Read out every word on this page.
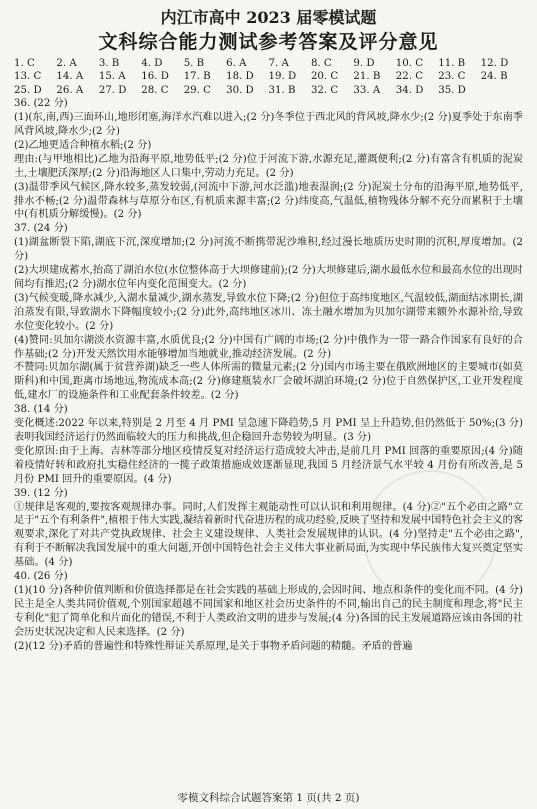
内江市高中 2023 届零模试题
文科综合能力测试参考答案及评分意见
1. C	2. A	3. B	4. D	5. B	6. A	7. A	8. C	9. D	10. C	11. B	12. D
13. C	14. A	15. A	16. D	17. B	18. D	19. D	20. C	21. B	22. C	23. C	24. B
25. D	26. A	27. D	28. C	29. C	30. D	31. B	32. C	33. A	34. D	35. D

36. (22 分)

(1)(东,南,西)三面环山,地形闭塞,海洋水汽难以进入;(2 分)冬季位于西北风的背风坡,降水少;(2 分)夏季处于东南季风背风坡,降水少;(2 分)

(2)乙地更适合种植水稻;(2 分)

理由:(与甲地相比)乙地为沿海平原,地势低平;(2 分)位于河流下游,水源充足,灌溉便利;(2 分)有富含有机质的泥炭土,土壤肥沃深厚;(2 分)沿海地区人口集中,劳动力充足。(2 分)

(3)温带季风气候区,降水较多,蒸发较弱,(河流中下游,河水泛滥)地表湿润;(2 分)泥炭土分布的沿海平原,地势低平,排水不畅;(2 分)温带森林与草原分布区,有机质来源丰富;(2 分)纬度高,气温低,植物残体分解不充分而累积于土壤中(有机质分解缓慢)。(2 分)

37. (24 分)

(1)湖盆断裂下陷,湖底下沉,深度增加;(2 分)河流不断携带泥沙堆积,经过漫长地质历史时期的沉积,厚度增加。(2 分)

(2)大坝建成蓄水,抬高了湖泊水位(水位整体高于大坝修建前);(2 分)大坝修建后,湖水最低水位和最高水位的出现时间均有推迟;(2 分)湖水位年内变化范围变大。(2 分)

(3)气候变暖,降水减少,入湖水量减少,湖水蒸发,导致水位下降;(2 分)但位于高纬度地区,气温较低,湖面结冰期长,湖泊蒸发有限,导致湖水下降幅度较小;(2 分)此外,高纬地区冰川、冻土融水增加为贝加尔湖带来额外水源补给,导致水位变化较小。(2 分)

(4)赞同:贝加尔湖淡水资源丰富,水质优良;(2 分)中国有广阔的市场;(2 分)中俄作为一带一路合作国家有良好的合作基础;(2 分)开发天然饮用水能够增加当地就业,推动经济发展。(2 分)

不赞同:贝加尔湖(属于贫营养湖)缺乏一些人体所需的微量元素;(2 分)国内市场主要在俄欧洲地区的主要城市(如莫斯科)和中国,距离市场地远,物流成本高;(2 分)修建瓶装水厂会破坏湖泊环境;(2 分)位于自然保护区,工业开发程度低,建水厂的设施条件和工业配套条件较差。(2 分)

38. (14 分)

变化概述:2022 年以来,特别是 2 月至 4 月 PMI 呈急速下降趋势,5 月 PMI 呈上升趋势,但仍然低于 50%;(3 分)表明我国经济运行仍然面临较大的压力和挑战,但企稳回升态势较为明显。(3 分)

变化原因:由于上海、吉林等部分地区疫情反复对经济运行造成较大冲击,是前几月 PMI 回落的重要原因;(4 分)随着疫情好转和政府扎实稳住经济的一揽子政策措施成效逐渐显现,我国 5 月经济景气水平较 4 月份有所改善,是 5 月份 PMI 回升的重要原因。(4 分)

39. (12 分)

①规律是客观的,要按客观规律办事。同时,人们发挥主观能动性可以认识和利用规律。(4 分)②"五个必由之路"立足于"五个有利条件",植根于伟大实践,凝结着新时代奋进历程的成功经验,反映了坚持和发展中国特色社会主义的客观要求,深化了对共产党执政规律、社会主义建设规律、人类社会发展规律的认识。(4 分)坚持走"五个必由之路",有利于不断解决我国发展中的重大问题,开创中国特色社会主义伟大事业新局面,为实现中华民族伟大复兴奠定坚实基础。(4 分)

40. (26 分)

(1)(10 分)各种价值判断和价值选择都是在社会实践的基础上形成的,会因时间、地点和条件的变化而不同。(4 分)民主是全人类共同价值观,个别国家超越不同国家和地区社会历史条件的不同,输出自己的民主制度和理念,将"民主专利化"犯了简单化和片面化的错误,不利于人类政治文明的进步与发展;(4 分)各国的民主发展道路应该由各国的社会历史状况决定和人民来选择。(2 分)

(2)(12 分)矛盾的普遍性和特殊性辩证关系原理,是关于事物矛盾问题的精髓。矛盾的普遍

零模文科综合试题答案第 1 页(共 2 页)
